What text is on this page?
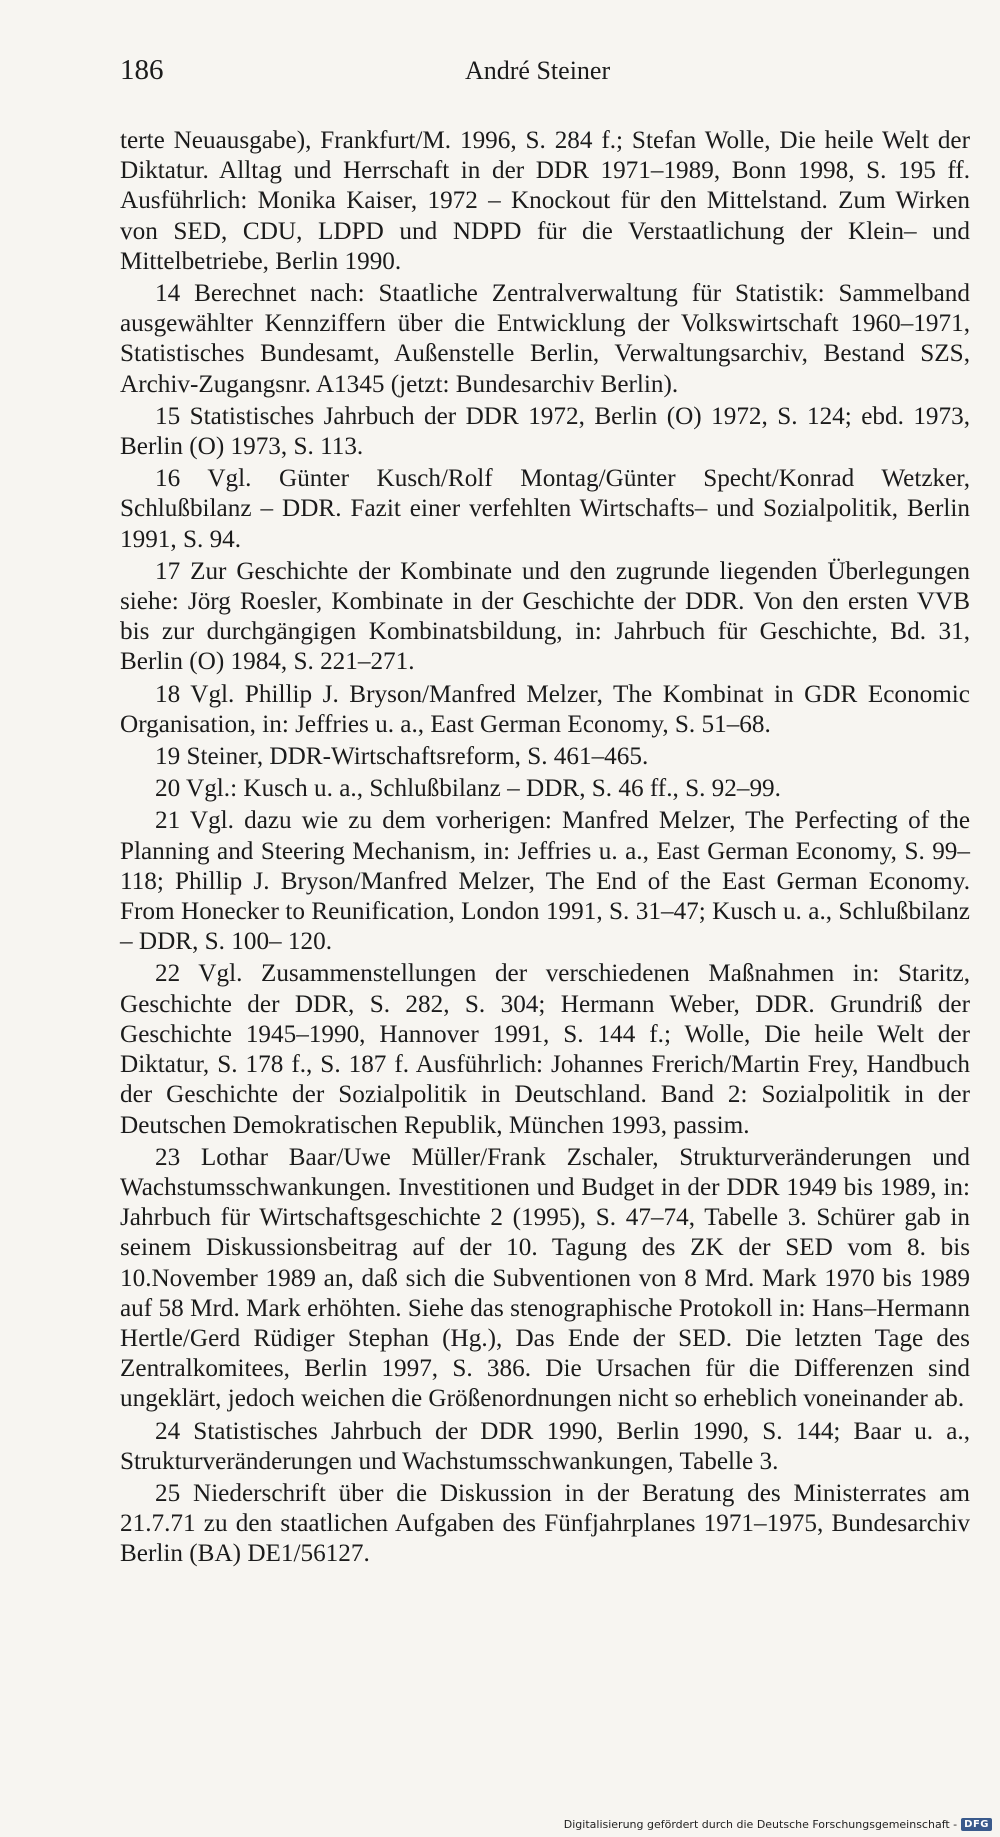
186	André Steiner

terte Neuausgabe), Frankfurt/M. 1996, S. 284 f.; Stefan Wolle, Die heile Welt der Diktatur. Alltag und Herrschaft in der DDR 1971–1989, Bonn 1998, S. 195 ff. Ausführlich: Monika Kaiser, 1972 – Knockout für den Mittelstand. Zum Wirken von SED, CDU, LDPD und NDPD für die Verstaatlichung der Klein– und Mittelbetriebe, Berlin 1990.

14 Berechnet nach: Staatliche Zentralverwaltung für Statistik: Sammelband ausgewählter Kennziffern über die Entwicklung der Volkswirtschaft 1960–1971, Statistisches Bundesamt, Außenstelle Berlin, Verwaltungsarchiv, Bestand SZS, Archiv-Zugangsnr. A1345 (jetzt: Bundesarchiv Berlin).

15 Statistisches Jahrbuch der DDR 1972, Berlin (O) 1972, S. 124; ebd. 1973, Berlin (O) 1973, S. 113.

16 Vgl. Günter Kusch/Rolf Montag/Günter Specht/Konrad Wetzker, Schlußbilanz – DDR. Fazit einer verfehlten Wirtschafts– und Sozialpolitik, Berlin 1991, S. 94.

17 Zur Geschichte der Kombinate und den zugrunde liegenden Überlegungen siehe: Jörg Roesler, Kombinate in der Geschichte der DDR. Von den ersten VVB bis zur durchgängigen Kombinatsbildung, in: Jahrbuch für Geschichte, Bd. 31, Berlin (O) 1984, S. 221–271.

18 Vgl. Phillip J. Bryson/Manfred Melzer, The Kombinat in GDR Economic Organisation, in: Jeffries u. a., East German Economy, S. 51–68.

19 Steiner, DDR-Wirtschaftsreform, S. 461–465.

20 Vgl.: Kusch u. a., Schlußbilanz – DDR, S. 46 ff., S. 92–99.

21 Vgl. dazu wie zu dem vorherigen: Manfred Melzer, The Perfecting of the Planning and Steering Mechanism, in: Jeffries u. a., East German Economy, S. 99–118; Phillip J. Bryson/Manfred Melzer, The End of the East German Economy. From Honecker to Reunification, London 1991, S. 31–47; Kusch u. a., Schlußbilanz – DDR, S. 100– 120.

22 Vgl. Zusammenstellungen der verschiedenen Maßnahmen in: Staritz, Geschichte der DDR, S. 282, S. 304; Hermann Weber, DDR. Grundriß der Geschichte 1945–1990, Hannover 1991, S. 144 f.; Wolle, Die heile Welt der Diktatur, S. 178 f., S. 187 f. Ausführlich: Johannes Frerich/Martin Frey, Handbuch der Geschichte der Sozialpolitik in Deutschland. Band 2: Sozialpolitik in der Deutschen Demokratischen Republik, München 1993, passim.

23 Lothar Baar/Uwe Müller/Frank Zschaler, Strukturveränderungen und Wachstumsschwankungen. Investitionen und Budget in der DDR 1949 bis 1989, in: Jahrbuch für Wirtschaftsgeschichte 2 (1995), S. 47–74, Tabelle 3. Schürer gab in seinem Diskussionsbeitrag auf der 10. Tagung des ZK der SED vom 8. bis 10.November 1989 an, daß sich die Subventionen von 8 Mrd. Mark 1970 bis 1989 auf 58 Mrd. Mark erhöhten. Siehe das stenographische Protokoll in: Hans–Hermann Hertle/Gerd Rüdiger Stephan (Hg.), Das Ende der SED. Die letzten Tage des Zentralkomitees, Berlin 1997, S. 386. Die Ursachen für die Differenzen sind ungeklärt, jedoch weichen die Größenordnungen nicht so erheblich voneinander ab.

24 Statistisches Jahrbuch der DDR 1990, Berlin 1990, S. 144; Baar u. a., Strukturveränderungen und Wachstumsschwankungen, Tabelle 3.

25 Niederschrift über die Diskussion in der Beratung des Ministerrates am 21.7.71 zu den staatlichen Aufgaben des Fünfjahrplanes 1971–1975, Bundesarchiv Berlin (BA) DE1/56127.

Digitalisierung gefördert durch die Deutsche Forschungsgemeinschaft - DFG
